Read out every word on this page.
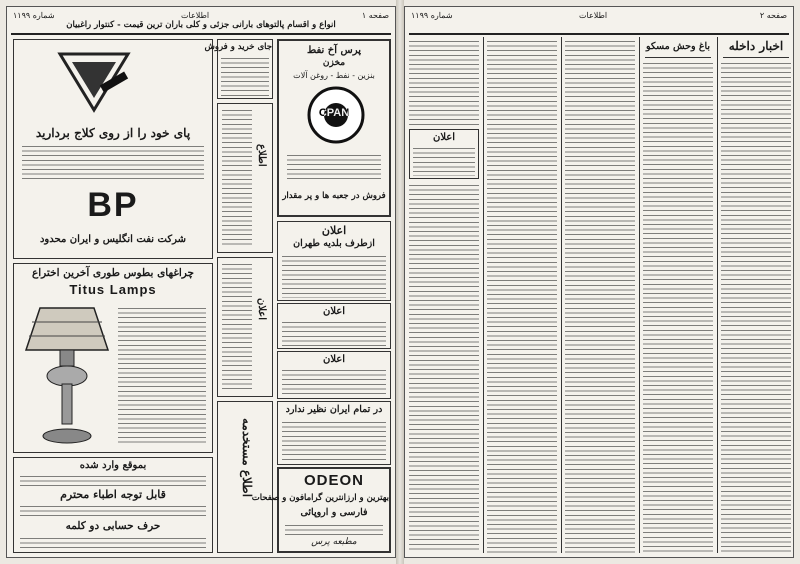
صفحه ۱
اطلاعات
شماره ۱۱۹۹
انواع و اقسام پالتوهای بارانی جزئی و کلی باران ترین قیمت - کنتوار راغبیان
پای خود را از روی کلاج بردارید
BP
شرکت نفت انگلیس و ایران محدود
چراغهای بطوس طوری آخرین اختراع
Titus Lamps
بموقع وارد شده
قابل توجه اطباء محترم
حرف حسابی دو کلمه
جای خرید و فروش
اطلاع
اعلان
اطلاع مستخدمه
پرس آخ نفط
مخزن
بنزین - نفط - روغن آلات
CPAN
فروش در جعبه ها و پر مقدار
اعلان
ازطرف بلدیه طهران
اعلان
اعلان
در تمام ایران نظیر ندارد
ODEON
بهترین و ارزانترین گرامافون و صفحات
فارسی و اروپائی
مطبعه پرس
صفحه ۲
اطلاعات
شماره ۱۱۹۹
اعلان
باغ وحش مسکو	اخبار داخله
